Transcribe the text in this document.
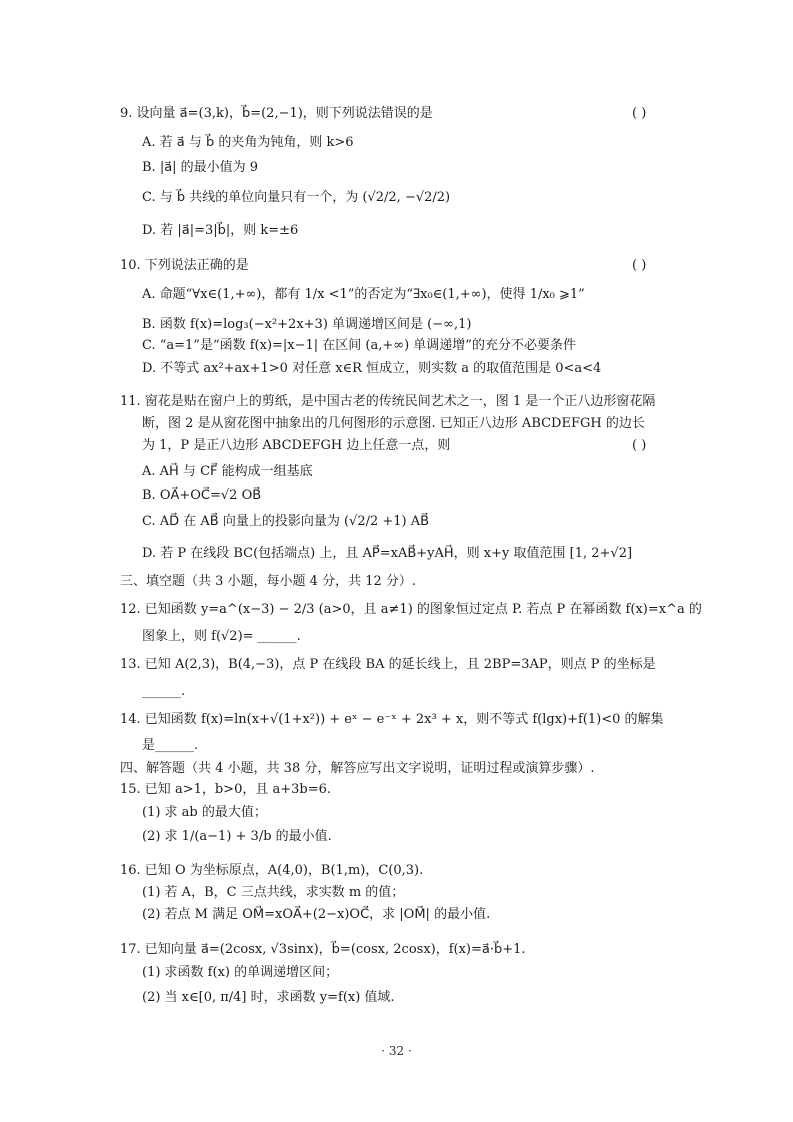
9. 设向量 a⃗=(3,k)，b⃗=(2,−1)，则下列说法错误的是	( )
A. 若 a⃗ 与 b⃗ 的夹角为钝角，则 k>6
B. |a⃗| 的最小值为 9
C. 与 b⃗ 共线的单位向量只有一个，为 (√2/2, −√2/2)
D. 若 |a⃗|=3|b⃗|，则 k=±6
10. 下列说法正确的是	( )
A. 命题“∀x∈(1,+∞)，都有 1/x <1”的否定为“∃x₀∈(1,+∞)，使得 1/x₀ ⩾1”
B. 函数 f(x)=log₃(−x²+2x+3) 单调递增区间是 (−∞,1)
C. “a=1”是“函数 f(x)=|x−1| 在区间 (a,+∞) 单调递增”的充分不必要条件
D. 不等式 ax²+ax+1>0 对任意 x∈R 恒成立，则实数 a 的取值范围是 0<a<4
11. 窗花是贴在窗户上的剪纸，是中国古老的传统民间艺术之一，图 1 是一个正八边形窗花隔
断，图 2 是从窗花图中抽象出的几何图形的示意图. 已知正八边形 ABCDEFGH 的边长
为 1，P 是正八边形 ABCDEFGH 边上任意一点，则	( )
A. AH⃗ 与 CF⃗ 能构成一组基底
B. OA⃗+OC⃗=√2 OB⃗
C. AD⃗ 在 AB⃗ 向量上的投影向量为 (√2/2 +1) AB⃗
D. 若 P 在线段 BC(包括端点) 上，且 AP⃗=xAB⃗+yAH⃗，则 x+y 取值范围 [1, 2+√2]
三、填空题（共 3 小题，每小题 4 分，共 12 分）.
12. 已知函数 y=a^(x−3) − 2/3 (a>0，且 a≠1) 的图象恒过定点 P. 若点 P 在幂函数 f(x)=x^a 的
图象上，则 f(√2)= ______.
13. 已知 A(2,3)，B(4,−3)，点 P 在线段 BA 的延长线上，且 2BP=3AP，则点 P 的坐标是
______.
14. 已知函数 f(x)=ln(x+√(1+x²)) + eˣ − e⁻ˣ + 2x³ + x，则不等式 f(lgx)+f(1)<0 的解集
是______.
四、解答题（共 4 小题，共 38 分，解答应写出文字说明，证明过程或演算步骤）.
15. 已知 a>1，b>0，且 a+3b=6.
(1) 求 ab 的最大值；
(2) 求 1/(a−1) + 3/b 的最小值.
16. 已知 O 为坐标原点，A(4,0)，B(1,m)，C(0,3).
(1) 若 A，B，C 三点共线，求实数 m 的值；
(2) 若点 M 满足 OM⃗=xOA⃗+(2−x)OC⃗，求 |OM⃗| 的最小值.
17. 已知向量 a⃗=(2cosx, √3sinx)，b⃗=(cosx, 2cosx)，f(x)=a⃗·b⃗+1.
(1) 求函数 f(x) 的单调递增区间；
(2) 当 x∈[0, π/4] 时，求函数 y=f(x) 值域.
· 32 ·
